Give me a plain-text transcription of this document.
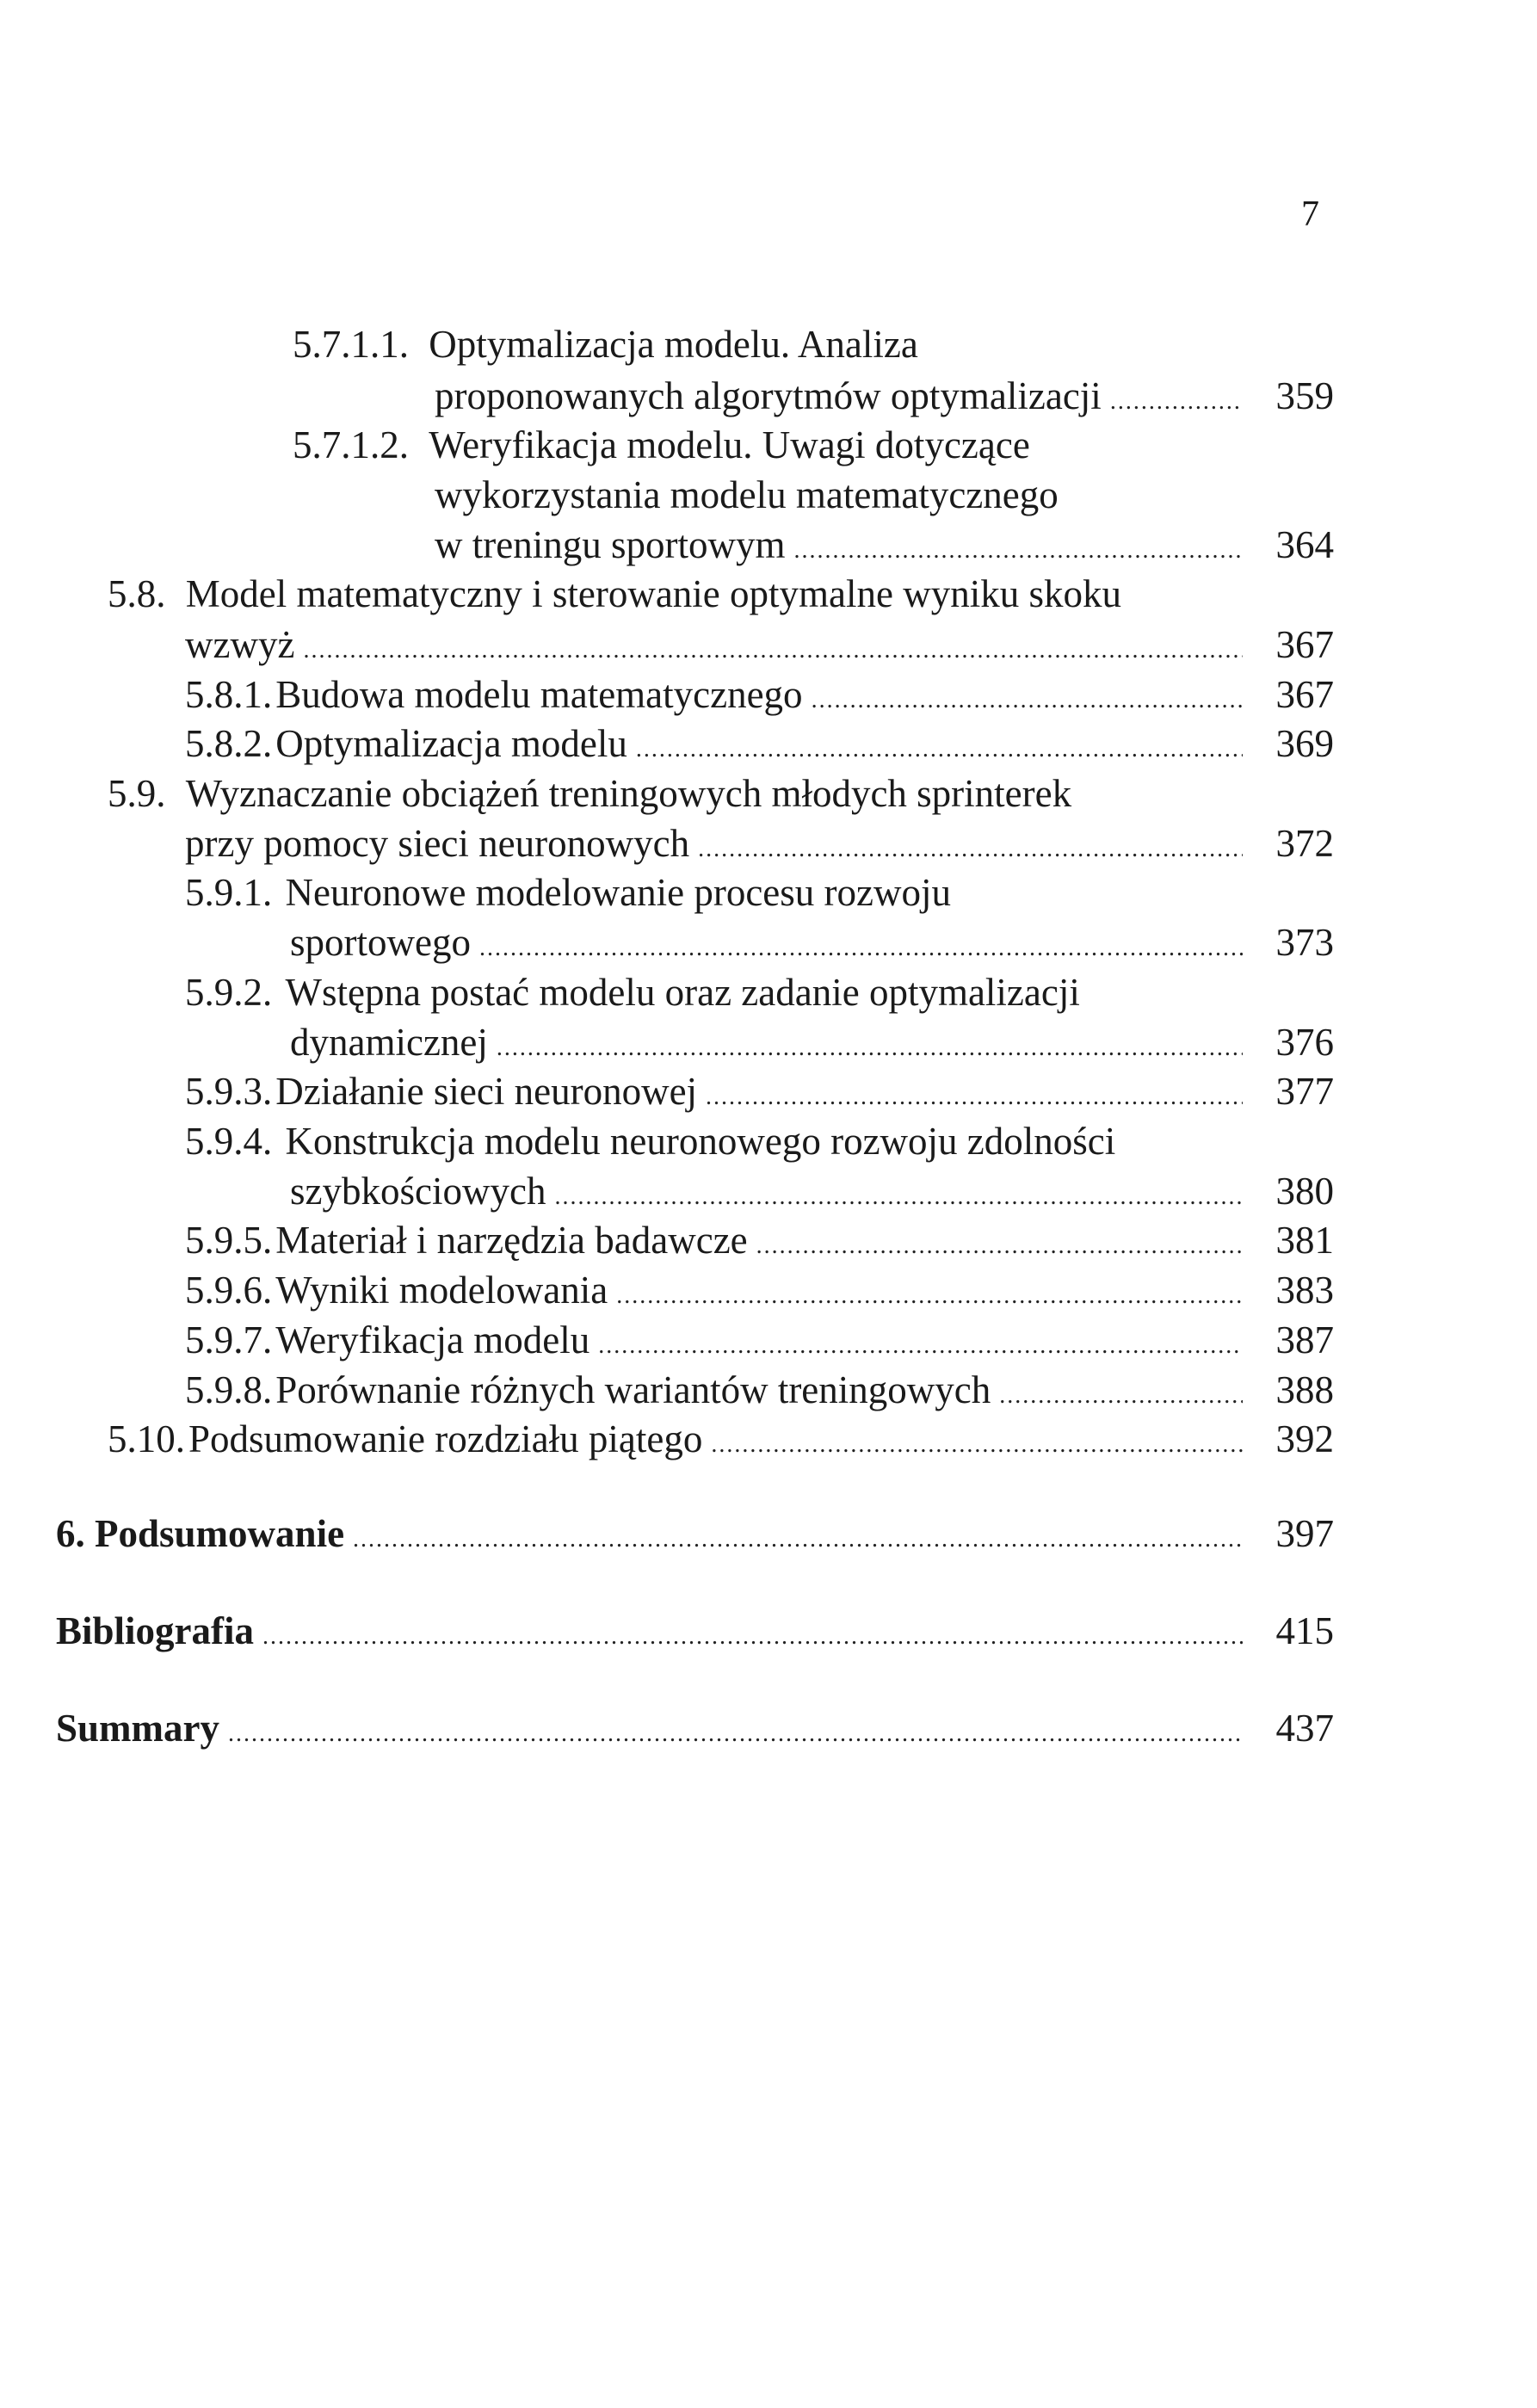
7
5.7.1.1. Optymalizacja modelu. Analiza
proponowanych algorytmów optymalizacji .....	359
5.7.1.2. Weryfikacja modelu. Uwagi dotyczące
wykorzystania modelu matematycznego
w treningu sportowym .....	364
5.8. Model matematyczny i sterowanie optymalne wyniku skoku
wzwyż .....	367
5.8.1. Budowa modelu matematycznego .....	367
5.8.2. Optymalizacja modelu .....	369
5.9. Wyznaczanie obciążeń treningowych młodych sprinterek
przy pomocy sieci neuronowych .....	372
5.9.1. Neuronowe modelowanie procesu rozwoju
sportowego .....	373
5.9.2. Wstępna postać modelu oraz zadanie optymalizacji
dynamicznej .....	376
5.9.3. Działanie sieci neuronowej .....	377
5.9.4. Konstrukcja modelu neuronowego rozwoju zdolności
szybkościowych .....	380
5.9.5. Materiał i narzędzia badawcze .....	381
5.9.6. Wyniki modelowania .....	383
5.9.7. Weryfikacja modelu .....	387
5.9.8. Porównanie różnych wariantów treningowych .....	388
5.10. Podsumowanie rozdziału piątego .....	392
6. Podsumowanie .....	397
Bibliografia .....	415
Summary .....	437
